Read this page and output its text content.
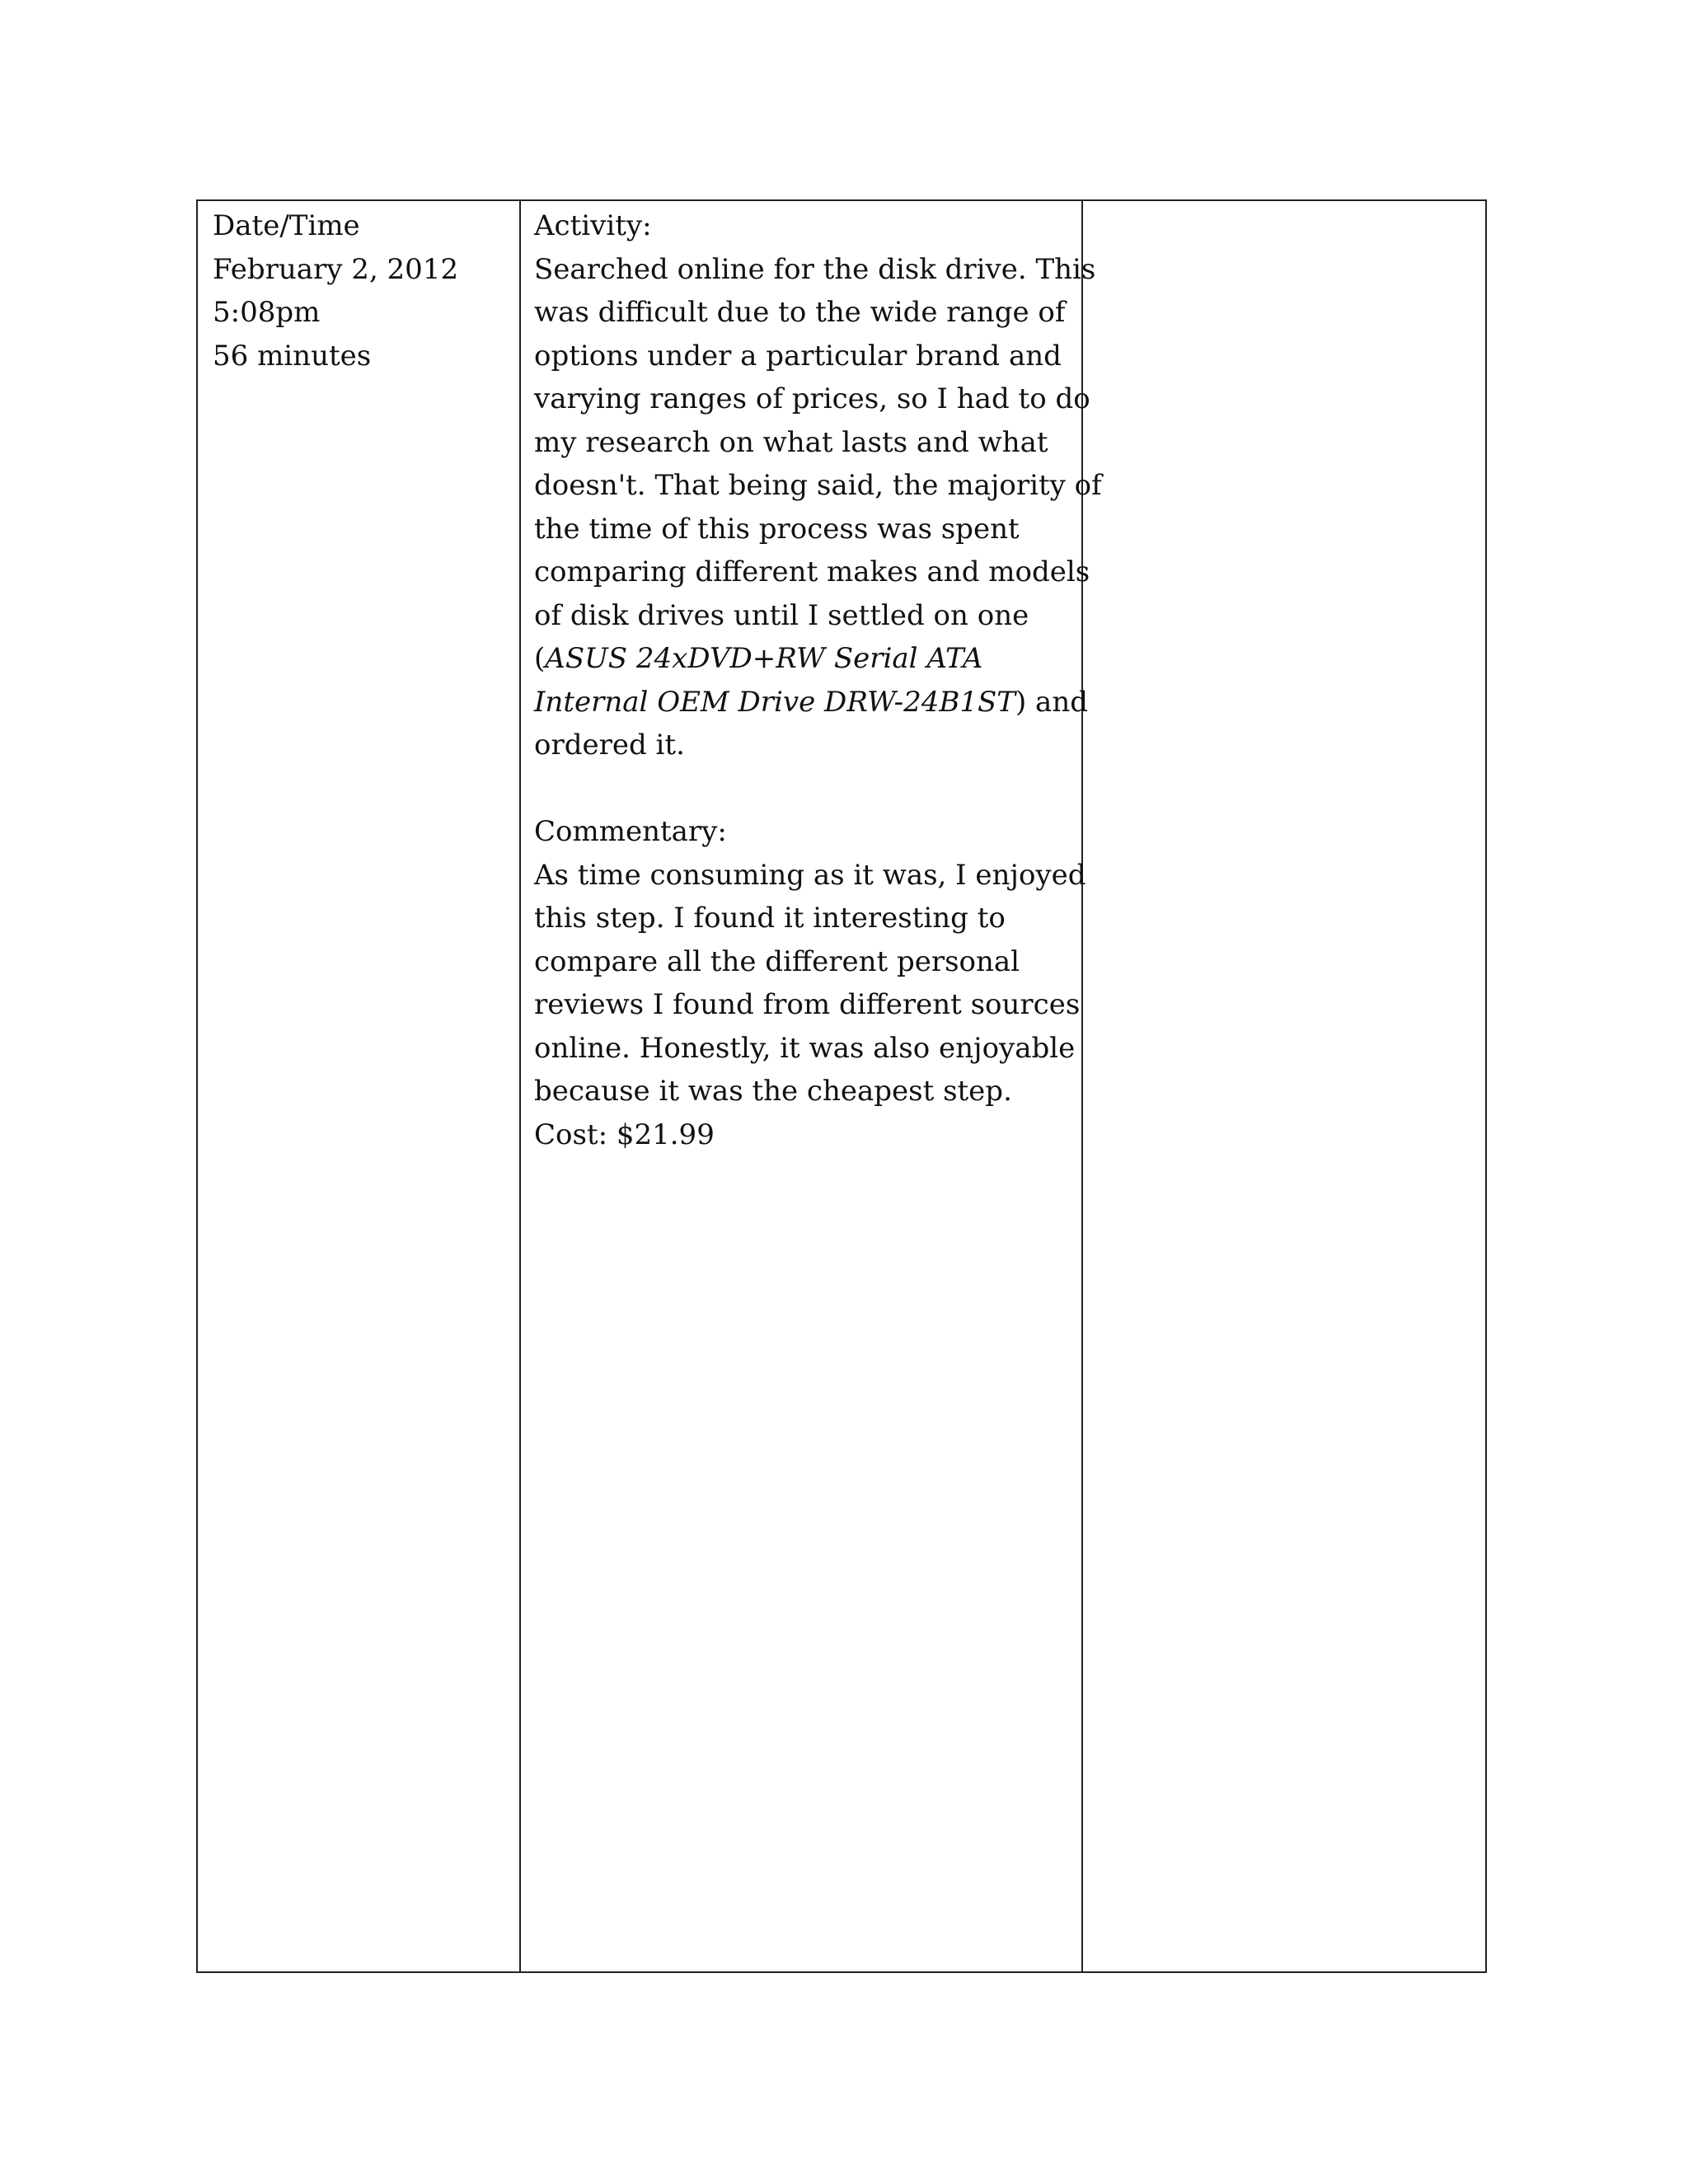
Date/Time
February 2, 2012
5:08pm
56 minutes

Activity:
Searched online for the disk drive. This
was difficult due to the wide range of
options under a particular brand and
varying ranges of prices, so I had to do
my research on what lasts and what
doesn't. That being said, the majority of
the time of this process was spent
comparing different makes and models
of disk drives until I settled on one
(ASUS 24xDVD+RW Serial ATA
Internal OEM Drive DRW-24B1ST) and
ordered it.
Commentary:
As time consuming as it was, I enjoyed
this step. I found it interesting to
compare all the different personal
reviews I found from different sources
online. Honestly, it was also enjoyable
because it was the cheapest step.
Cost: $21.99
